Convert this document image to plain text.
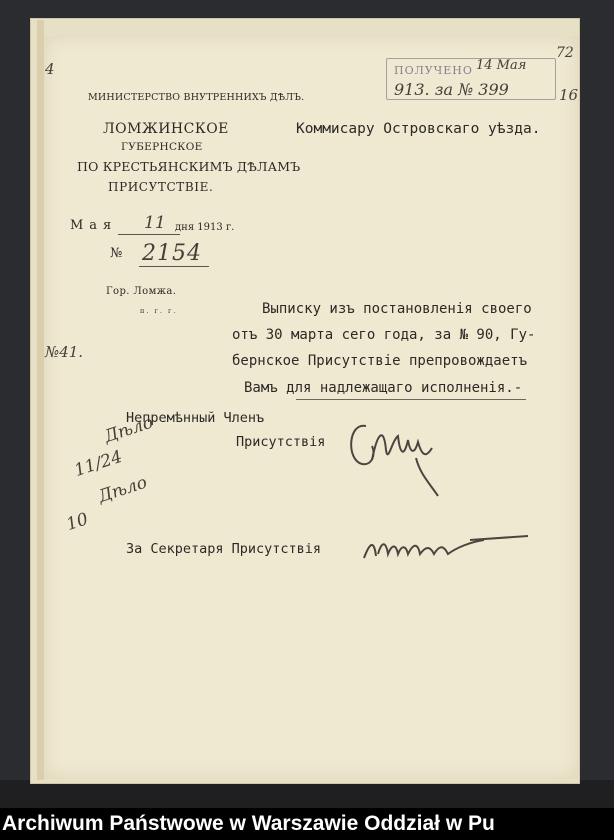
МИНИСТЕРСТВО ВНУТРЕННИХЪ ДѢЛЪ.
ЛОМЖИНСКОЕ
ГУБЕРНСКОЕ
ПО КРЕСТЬЯНСКИМЪ ДѢЛАМЪ
ПРИСУТСТВІЕ.
Мая 11 дня 1913 г.
№ 2154
Гор. Ломжа.
п. г. г.
ПОЛУЧЕНО 14 Мая
913. за № 399
72
16
4
Коммисару Островскаго уѣзда.
Выписку изъ постановленія своего
отъ 30 марта сего года, за № 90, Гу-
бернское Присутствіе препровождаетъ
Вамъ для надлежащаго исполненія.-
Непремѣнный Членъ
Присутствія
За Секретаря Присутствія
№41.
11/24
Дѣло
10
Дѣло
Archiwum Państwowe w Warszawie Oddział w Pu
